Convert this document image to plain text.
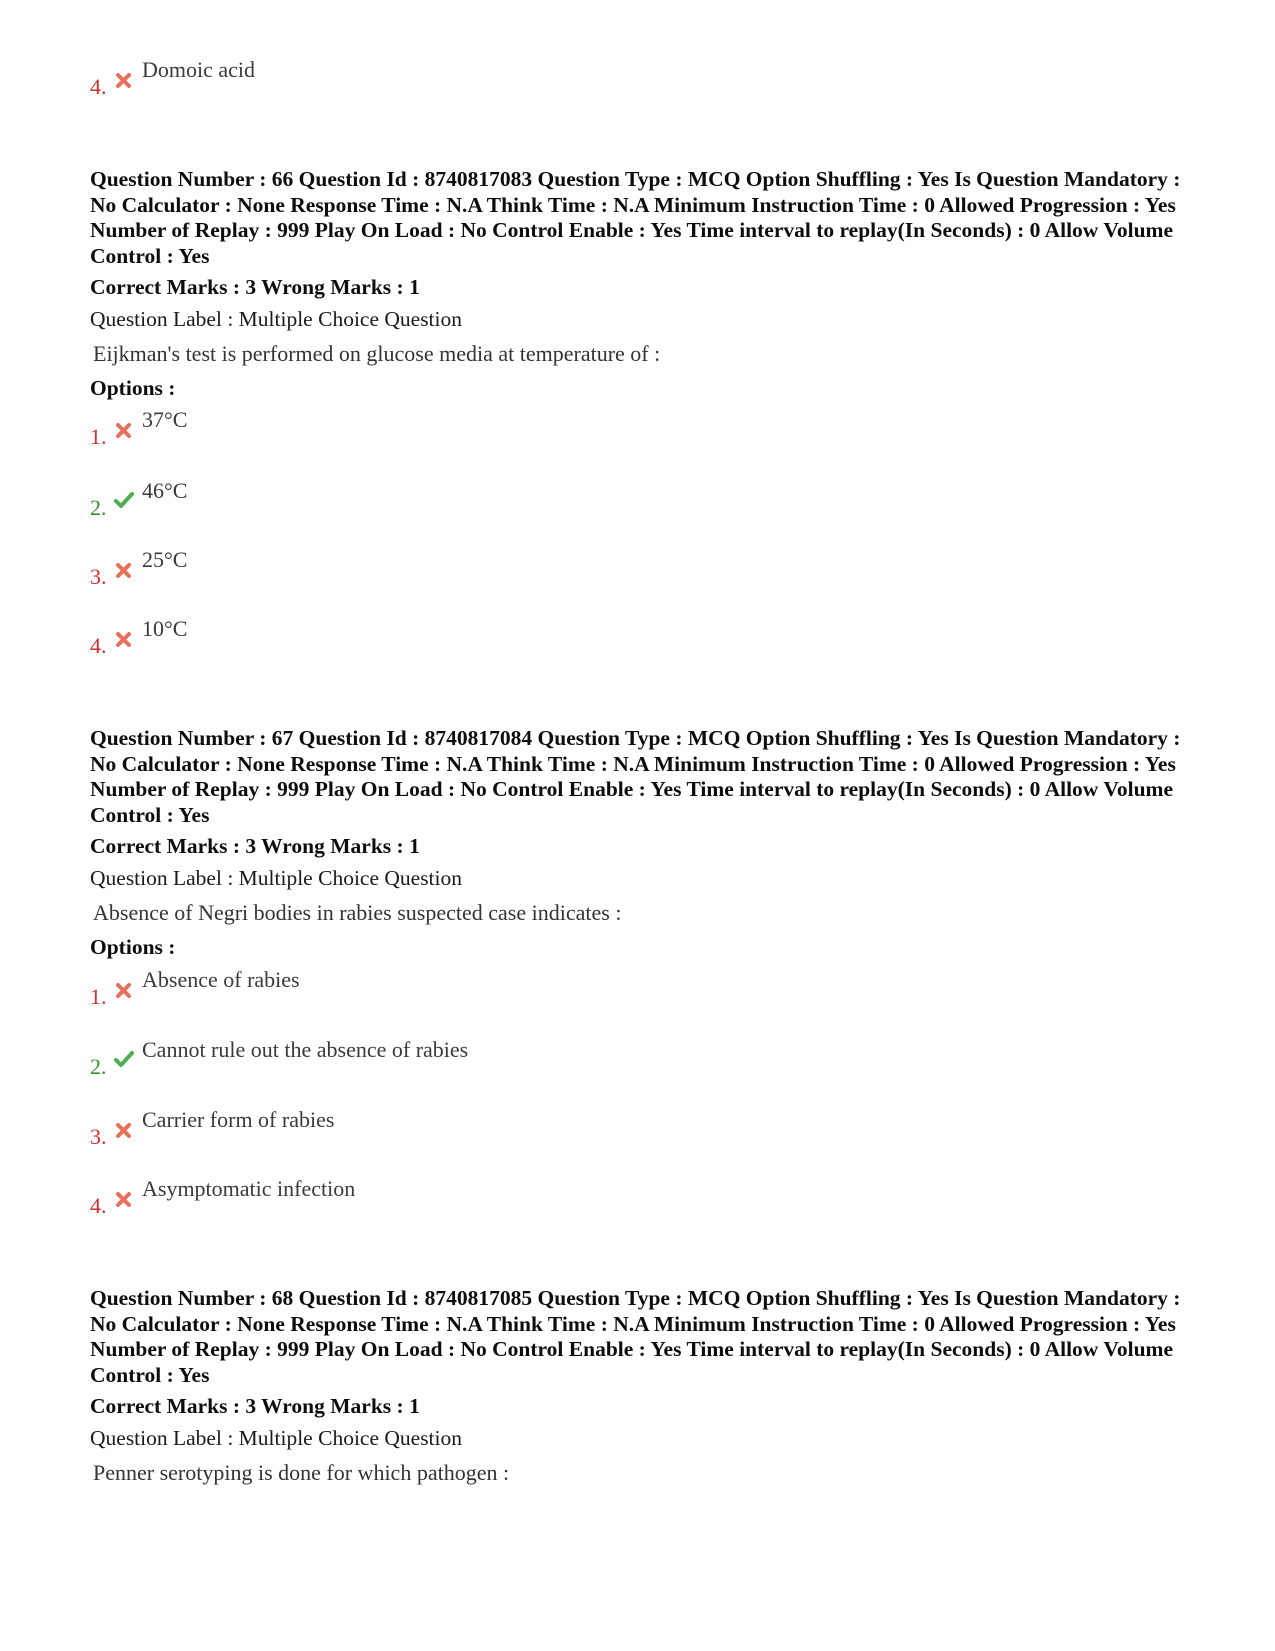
4.
Domoic acid

Question Number : 66 Question Id : 8740817083 Question Type : MCQ Option Shuffling : Yes Is Question Mandatory : No Calculator : None Response Time : N.A Think Time : N.A Minimum Instruction Time : 0 Allowed Progression : Yes Number of Replay : 999 Play On Load : No Control Enable : Yes Time interval to replay(In Seconds) : 0 Allow Volume Control : Yes

Correct Marks : 3 Wrong Marks : 1

Question Label : Multiple Choice Question

Eijkman's test is performed on glucose media at temperature of :

Options :

1.
37°C
2.
46°C
3.
25°C
4.
10°C

Question Number : 67 Question Id : 8740817084 Question Type : MCQ Option Shuffling : Yes Is Question Mandatory : No Calculator : None Response Time : N.A Think Time : N.A Minimum Instruction Time : 0 Allowed Progression : Yes Number of Replay : 999 Play On Load : No Control Enable : Yes Time interval to replay(In Seconds) : 0 Allow Volume Control : Yes

Correct Marks : 3 Wrong Marks : 1

Question Label : Multiple Choice Question

Absence of Negri bodies in rabies suspected case indicates :

Options :

1.
Absence of rabies
2.
Cannot rule out the absence of rabies
3.
Carrier form of rabies
4.
Asymptomatic infection

Question Number : 68 Question Id : 8740817085 Question Type : MCQ Option Shuffling : Yes Is Question Mandatory : No Calculator : None Response Time : N.A Think Time : N.A Minimum Instruction Time : 0 Allowed Progression : Yes Number of Replay : 999 Play On Load : No Control Enable : Yes Time interval to replay(In Seconds) : 0 Allow Volume Control : Yes

Correct Marks : 3 Wrong Marks : 1

Question Label : Multiple Choice Question

Penner serotyping is done for which pathogen :
